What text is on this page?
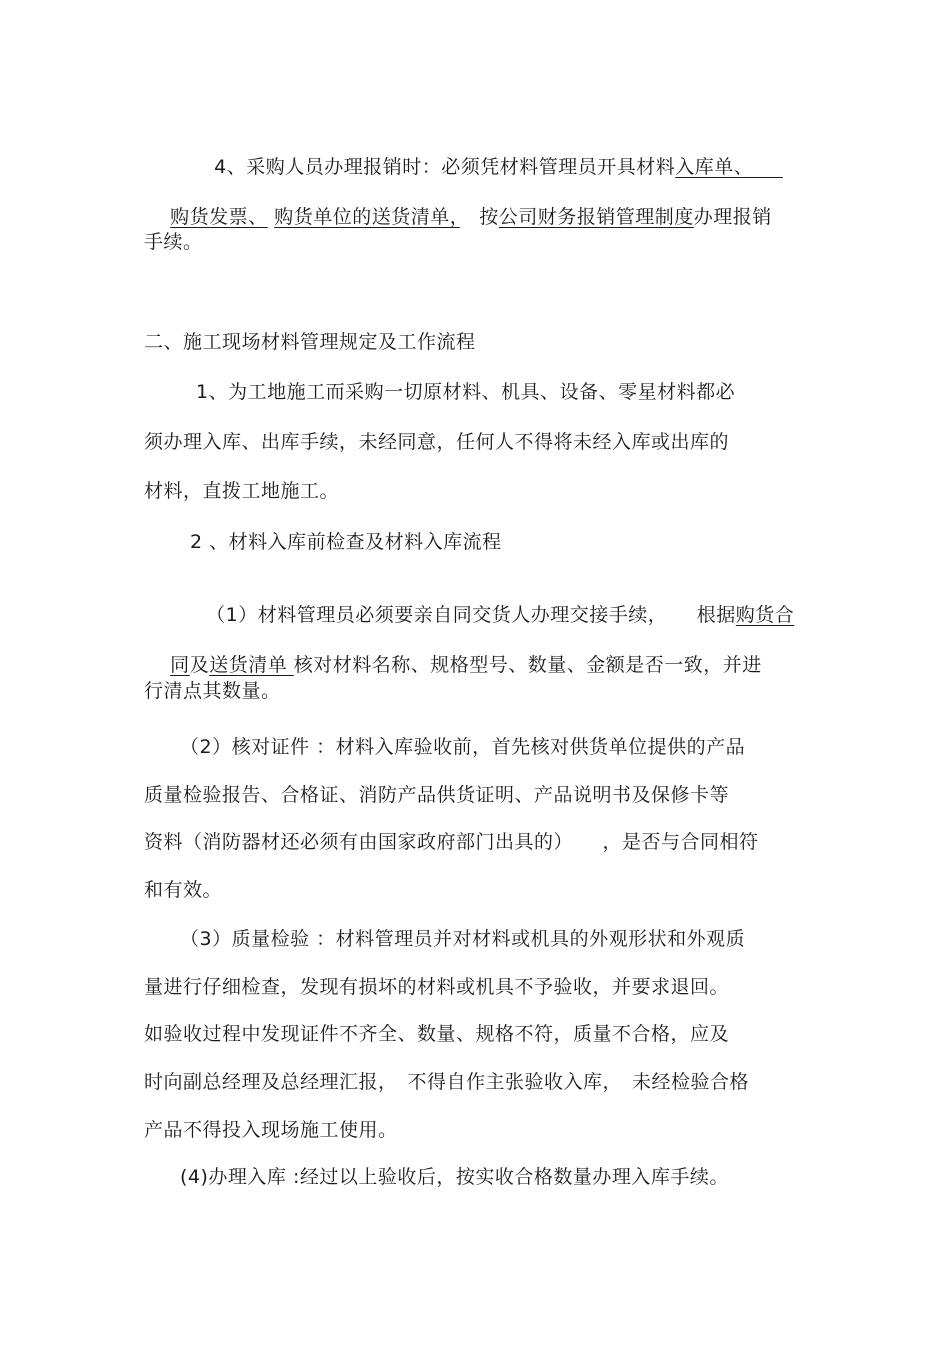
4、采购人员办理报销时：必须凭材料管理员开具材料入库单、　　

购货发票、 购货单位的送货清单，　按公司财务报销管理制度办理报销

手续。
二、施工现场材料管理规定及工作流程
1、为工地施工而采购一切原材料、机具、设备、零星材料都必
须办理入库、出库手续，未经同意，任何人不得将未经入库或出库的
材料，直拨工地施工。
2 、材料入库前检查及材料入库流程

（1）材料管理员必须要亲自同交货人办理交接手续，　　根据购货合

同及送货清单 核对材料名称、规格型号、数量、金额是否一致，并进

行清点其数量。
（2）核对证件 ：材料入库验收前，首先核对供货单位提供的产品
质量检验报告、合格证、消防产品供货证明、产品说明书及保修卡等
资料（消防器材还必须有由国家政府部门出具的）　　，是否与合同相符
和有效。
（3）质量检验 ：材料管理员并对材料或机具的外观形状和外观质
量进行仔细检查，发现有损坏的材料或机具不予验收，并要求退回。
如验收过程中发现证件不齐全、数量、规格不符，质量不合格，应及
时向副总经理及总经理汇报，　不得自作主张验收入库，　未经检验合格
产品不得投入现场施工使用。
(4)办理入库 :经过以上验收后，按实收合格数量办理入库手续。
